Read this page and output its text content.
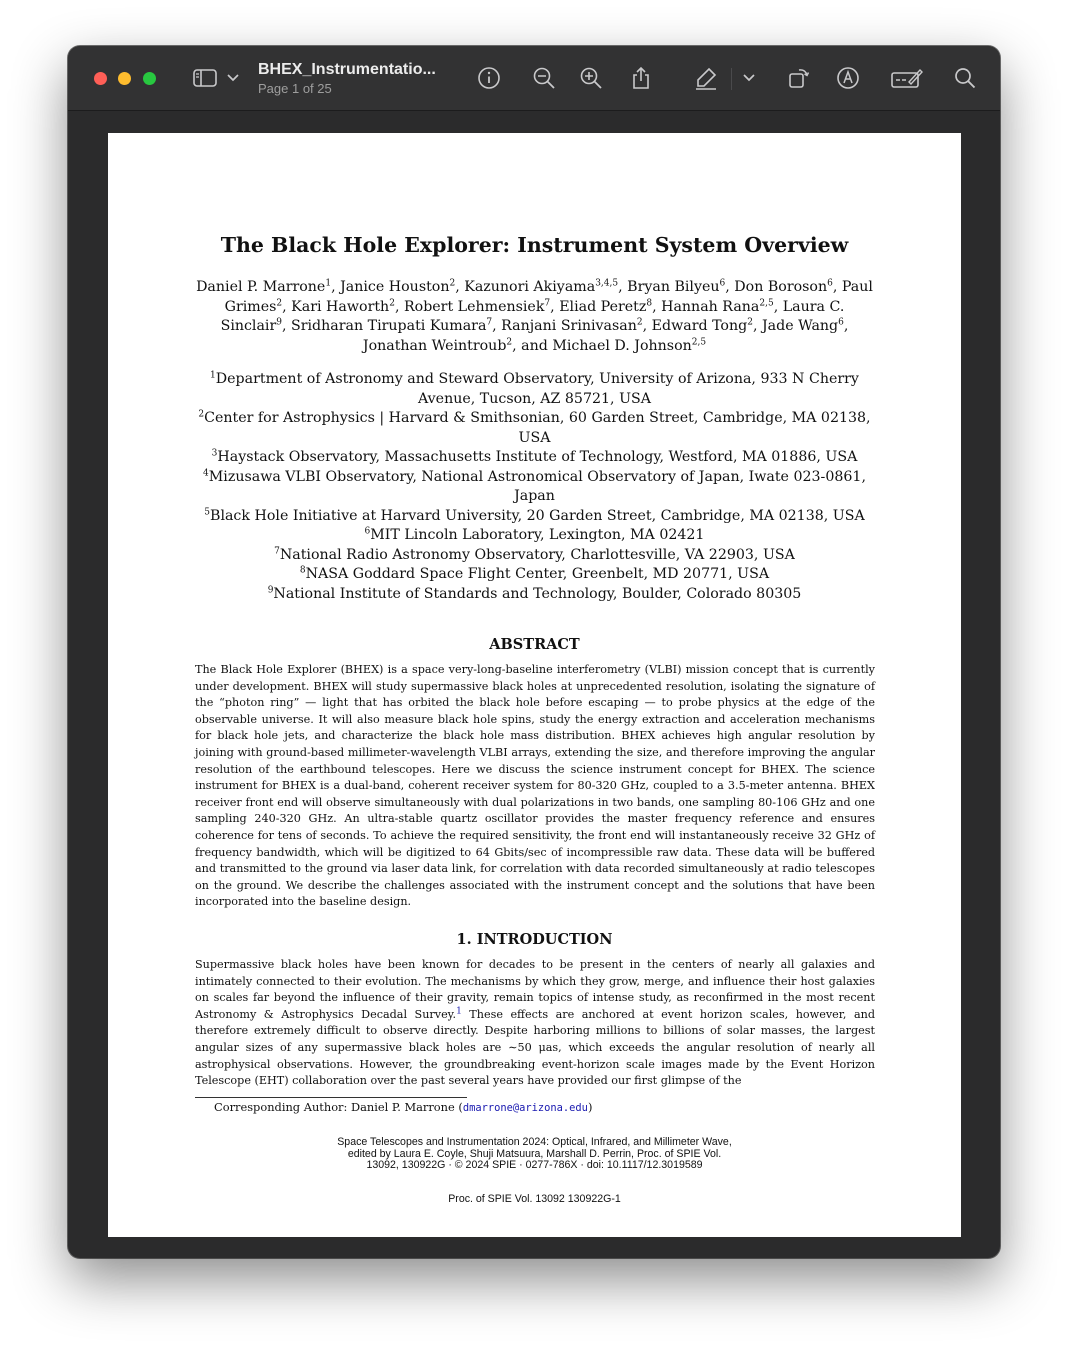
BHEX_Instrumentatio...
Page 1 of 25
The Black Hole Explorer: Instrument System Overview
Daniel P. Marrone$^1$, Janice Houston$^2$, Kazunori Akiyama$^{3,4,5}$, Bryan Bilyeu$^6$, Don Boroson$^6$, Paul Grimes$^2$, Kari Haworth$^2$, Robert Lehmensiek$^7$, Eliad Peretz$^8$, Hannah Rana$^{2,5}$, Laura C. Sinclair$^9$, Sridharan Tirupati Kumara$^7$, Ranjani Srinivasan$^2$, Edward Tong$^2$, Jade Wang$^6$, Jonathan Weintroub$^2$, and Michael D. Johnson$^{2,5}$
$^1$Department of Astronomy and Steward Observatory, University of Arizona, 933 N Cherry Avenue, Tucson, AZ 85721, USA
$^2$Center for Astrophysics | Harvard & Smithsonian, 60 Garden Street, Cambridge, MA 02138, USA
$^3$Haystack Observatory, Massachusetts Institute of Technology, Westford, MA 01886, USA
$^4$Mizusawa VLBI Observatory, National Astronomical Observatory of Japan, Iwate 023-0861, Japan
$^5$Black Hole Initiative at Harvard University, 20 Garden Street, Cambridge, MA 02138, USA
$^6$MIT Lincoln Laboratory, Lexington, MA 02421
$^7$National Radio Astronomy Observatory, Charlottesville, VA 22903, USA
$^8$NASA Goddard Space Flight Center, Greenbelt, MD 20771, USA
$^9$National Institute of Standards and Technology, Boulder, Colorado 80305
ABSTRACT
The Black Hole Explorer (BHEX) is a space very-long-baseline interferometry (VLBI) mission concept that is currently under development. BHEX will study supermassive black holes at unprecedented resolution, isolating the signature of the “photon ring” — light that has orbited the black hole before escaping — to probe physics at the edge of the observable universe. It will also measure black hole spins, study the energy extraction and acceleration mechanisms for black hole jets, and characterize the black hole mass distribution. BHEX achieves high angular resolution by joining with ground-based millimeter-wavelength VLBI arrays, extending the size, and therefore improving the angular resolution of the earthbound telescopes. Here we discuss the science instrument concept for BHEX. The science instrument for BHEX is a dual-band, coherent receiver system for 80-320 GHz, coupled to a 3.5-meter antenna. BHEX receiver front end will observe simultaneously with dual polarizations in two bands, one sampling 80-106 GHz and one sampling 240-320 GHz. An ultra-stable quartz oscillator provides the master frequency reference and ensures coherence for tens of seconds. To achieve the required sensitivity, the front end will instantaneously receive 32 GHz of frequency bandwidth, which will be digitized to 64 Gbits/sec of incompressible raw data. These data will be buffered and transmitted to the ground via laser data link, for correlation with data recorded simultaneously at radio telescopes on the ground. We describe the challenges associated with the instrument concept and the solutions that have been incorporated into the baseline design.
1. INTRODUCTION
Supermassive black holes have been known for decades to be present in the centers of nearly all galaxies and intimately connected to their evolution. The mechanisms by which they grow, merge, and influence their host galaxies on scales far beyond the influence of their gravity, remain topics of intense study, as reconfirmed in the most recent Astronomy & Astrophysics Decadal Survey.$^1$ These effects are anchored at event horizon scales, however, and therefore extremely difficult to observe directly. Despite harboring millions to billions of solar masses, the largest angular sizes of any supermassive black holes are ∼50 μas, which exceeds the angular resolution of nearly all astrophysical observations. However, the groundbreaking event-horizon scale images made by the Event Horizon Telescope (EHT) collaboration over the past several years have provided our first glimpse of the
Corresponding Author: Daniel P. Marrone (dmarrone@arizona.edu)
Space Telescopes and Instrumentation 2024: Optical, Infrared, and Millimeter Wave,
edited by Laura E. Coyle, Shuji Matsuura, Marshall D. Perrin, Proc. of SPIE Vol.
13092, 130922G · © 2024 SPIE · 0277-786X · doi: 10.1117/12.3019589
Proc. of SPIE Vol. 13092 130922G-1
